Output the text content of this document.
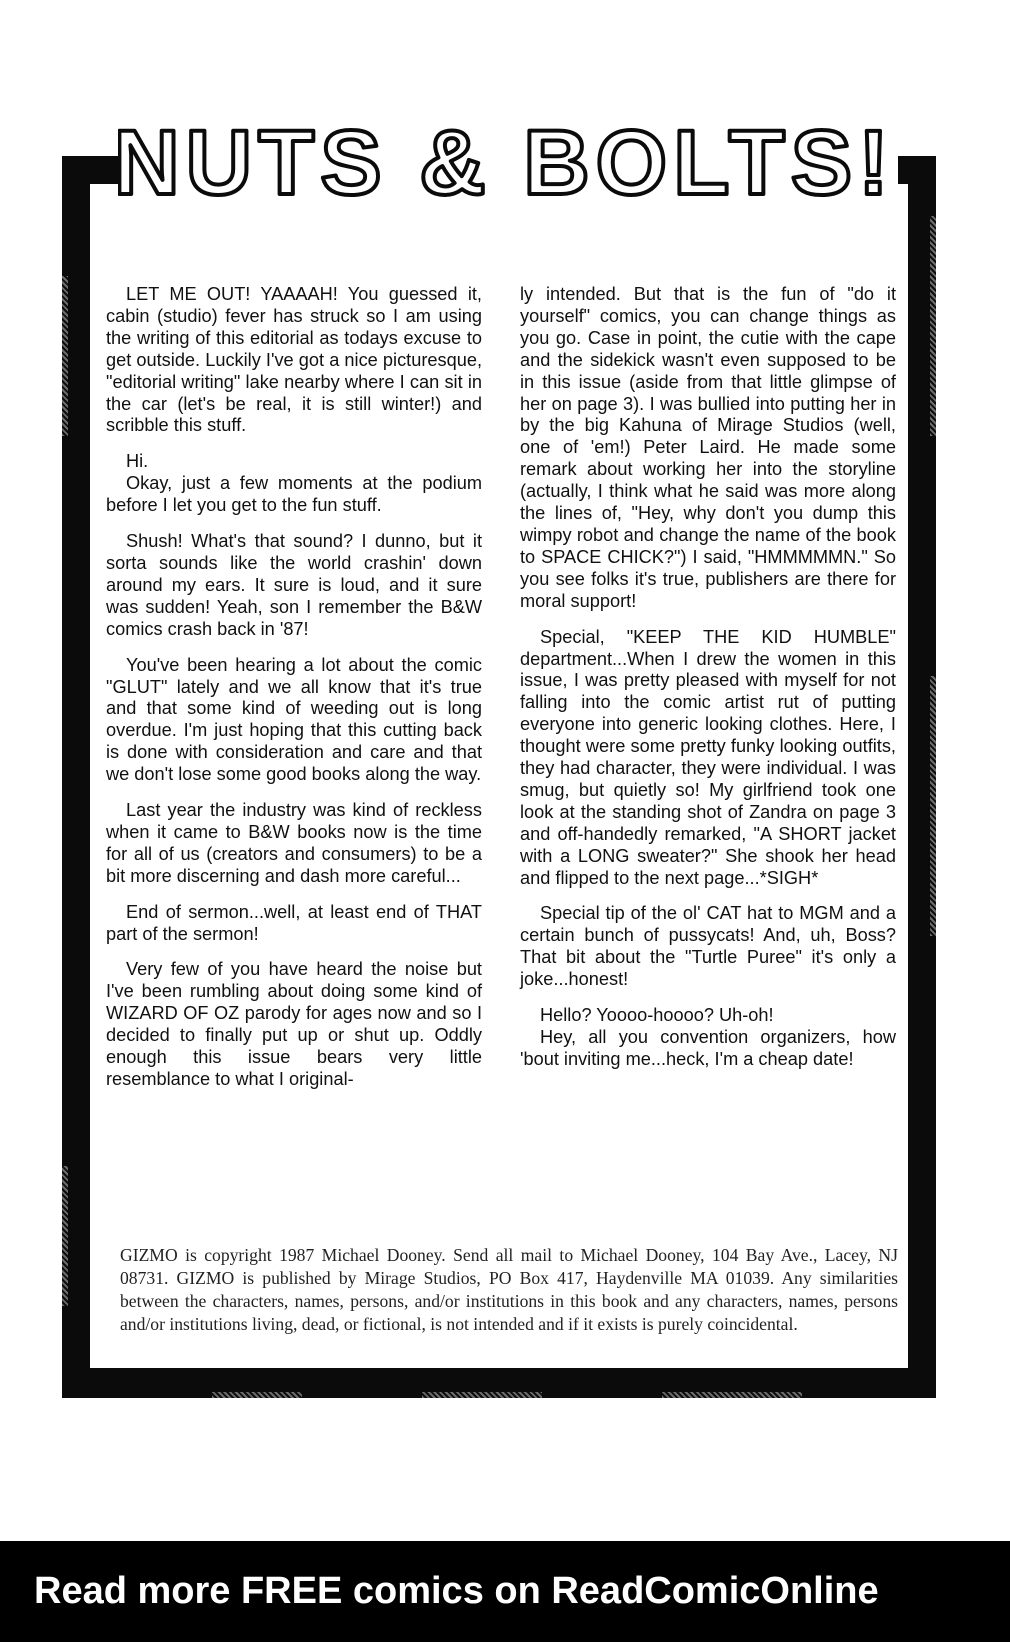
NUTS & BOLTS!

LET ME OUT! YAAAAH! You guessed it, cabin (studio) fever has struck so I am using the writing of this editorial as todays excuse to get outside. Luckily I've got a nice picturesque, "editorial writing" lake nearby where I can sit in the car (let's be real, it is still winter!) and scribble this stuff.

Hi.

Okay, just a few moments at the podium before I let you get to the fun stuff.

Shush! What's that sound? I dunno, but it sorta sounds like the world crashin' down around my ears. It sure is loud, and it sure was sudden! Yeah, son I remember the B&W comics crash back in '87!

You've been hearing a lot about the comic "GLUT" lately and we all know that it's true and that some kind of weeding out is long overdue. I'm just hoping that this cutting back is done with consideration and care and that we don't lose some good books along the way.

Last year the industry was kind of reckless when it came to B&W books now is the time for all of us (creators and consumers) to be a bit more discerning and dash more careful...

End of sermon...well, at least end of THAT part of the sermon!

Very few of you have heard the noise but I've been rumbling about doing some kind of WIZARD OF OZ parody for ages now and so I decided to finally put up or shut up. Oddly enough this issue bears very little resemblance to what I original-

ly intended. But that is the fun of "do it yourself" comics, you can change things as you go. Case in point, the cutie with the cape and the sidekick wasn't even supposed to be in this issue (aside from that little glimpse of her on page 3). I was bullied into putting her in by the big Kahuna of Mirage Studios (well, one of 'em!) Peter Laird. He made some remark about working her into the storyline (actually, I think what he said was more along the lines of, "Hey, why don't you dump this wimpy robot and change the name of the book to SPACE CHICK?") I said, "HMMMMMN." So you see folks it's true, publishers are there for moral support!

Special, "KEEP THE KID HUMBLE" department...When I drew the women in this issue, I was pretty pleased with myself for not falling into the comic artist rut of putting everyone into generic looking clothes. Here, I thought were some pretty funky looking outfits, they had character, they were individual. I was smug, but quietly so! My girlfriend took one look at the standing shot of Zandra on page 3 and off-handedly remarked, "A SHORT jacket with a LONG sweater?" She shook her head and flipped to the next page...*SIGH*

Special tip of the ol' CAT hat to MGM and a certain bunch of pussycats! And, uh, Boss? That bit about the "Turtle Puree" it's only a joke...honest!

Hello? Yoooo-hoooo? Uh-oh!

Hey, all you convention organizers, how 'bout inviting me...heck, I'm a cheap date!

GIZMO is copyright 1987 Michael Dooney. Send all mail to Michael Dooney, 104 Bay Ave., Lacey, NJ 08731. GIZMO is published by Mirage Studios, PO Box 417, Haydenville MA 01039. Any similarities between the characters, names, persons, and/or institutions in this book and any characters, names, persons and/or institutions living, dead, or fictional, is not intended and if it exists is purely coincidental.
Read more FREE comics on ReadComicOnline
